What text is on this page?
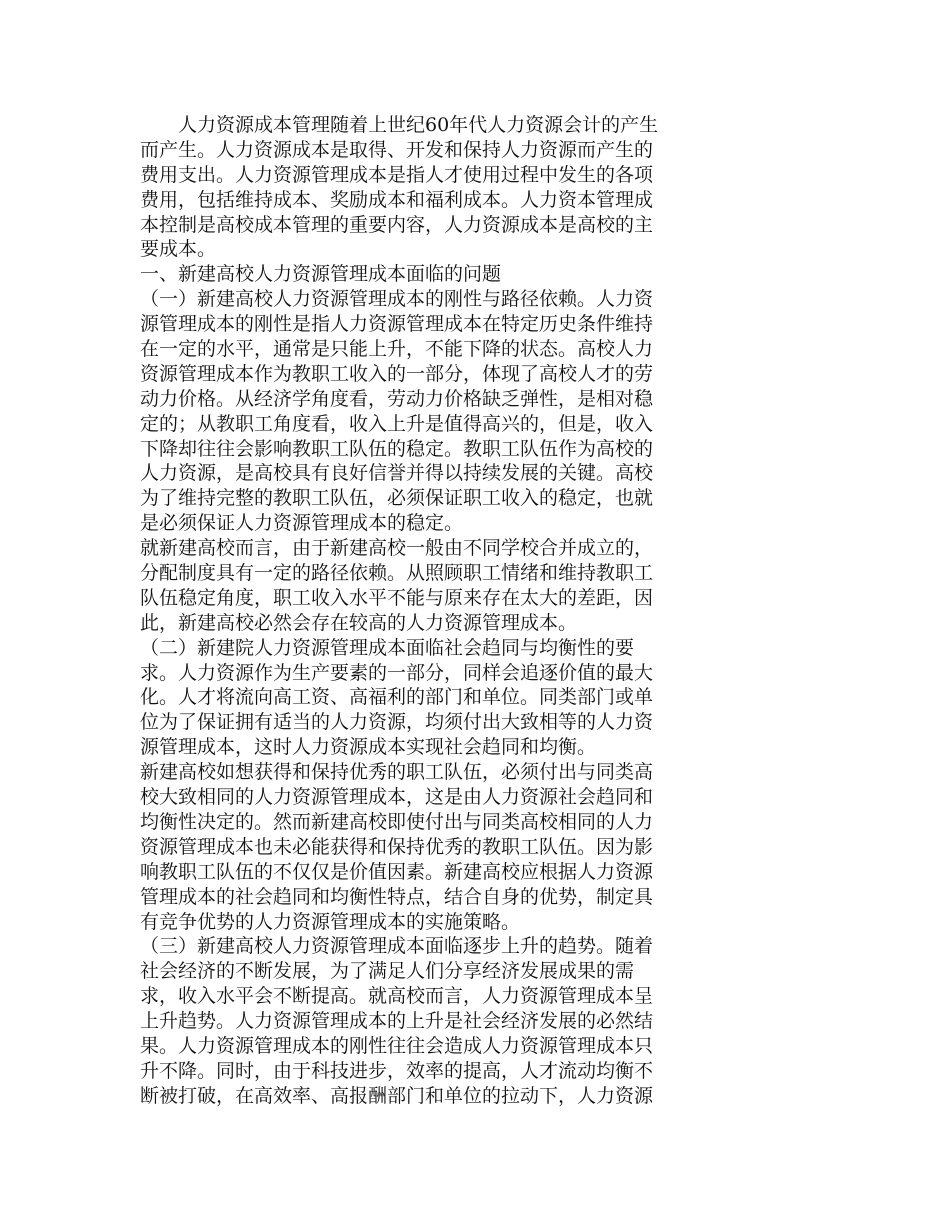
人力资源成本管理随着上世纪60年代人力资源会计的产生
而产生。人力资源成本是取得、开发和保持人力资源而产生的
费用支出。人力资源管理成本是指人才使用过程中发生的各项
费用，包括维持成本、奖励成本和福利成本。人力资本管理成
本控制是高校成本管理的重要内容，人力资源成本是高校的主
要成本。
一、新建高校人力资源管理成本面临的问题
（一）新建高校人力资源管理成本的刚性与路径依赖。人力资
源管理成本的刚性是指人力资源管理成本在特定历史条件维持
在一定的水平，通常是只能上升，不能下降的状态。高校人力
资源管理成本作为教职工收入的一部分，体现了高校人才的劳
动力价格。从经济学角度看，劳动力价格缺乏弹性，是相对稳
定的；从教职工角度看，收入上升是值得高兴的，但是，收入
下降却往往会影响教职工队伍的稳定。教职工队伍作为高校的
人力资源，是高校具有良好信誉并得以持续发展的关键。高校
为了维持完整的教职工队伍，必须保证职工收入的稳定，也就
是必须保证人力资源管理成本的稳定。
就新建高校而言，由于新建高校一般由不同学校合并成立的，
分配制度具有一定的路径依赖。从照顾职工情绪和维持教职工
队伍稳定角度，职工收入水平不能与原来存在太大的差距，因
此，新建高校必然会存在较高的人力资源管理成本。
（二）新建院人力资源管理成本面临社会趋同与均衡性的要
求。人力资源作为生产要素的一部分，同样会追逐价值的最大
化。人才将流向高工资、高福利的部门和单位。同类部门或单
位为了保证拥有适当的人力资源，均须付出大致相等的人力资
源管理成本，这时人力资源成本实现社会趋同和均衡。
新建高校如想获得和保持优秀的职工队伍，必须付出与同类高
校大致相同的人力资源管理成本，这是由人力资源社会趋同和
均衡性决定的。然而新建高校即使付出与同类高校相同的人力
资源管理成本也未必能获得和保持优秀的教职工队伍。因为影
响教职工队伍的不仅仅是价值因素。新建高校应根据人力资源
管理成本的社会趋同和均衡性特点，结合自身的优势，制定具
有竞争优势的人力资源管理成本的实施策略。
（三）新建高校人力资源管理成本面临逐步上升的趋势。随着
社会经济的不断发展，为了满足人们分享经济发展成果的需
求，收入水平会不断提高。就高校而言，人力资源管理成本呈
上升趋势。人力资源管理成本的上升是社会经济发展的必然结
果。人力资源管理成本的刚性往往会造成人力资源管理成本只
升不降。同时，由于科技进步，效率的提高，人才流动均衡不
断被打破，在高效率、高报酬部门和单位的拉动下，人力资源
